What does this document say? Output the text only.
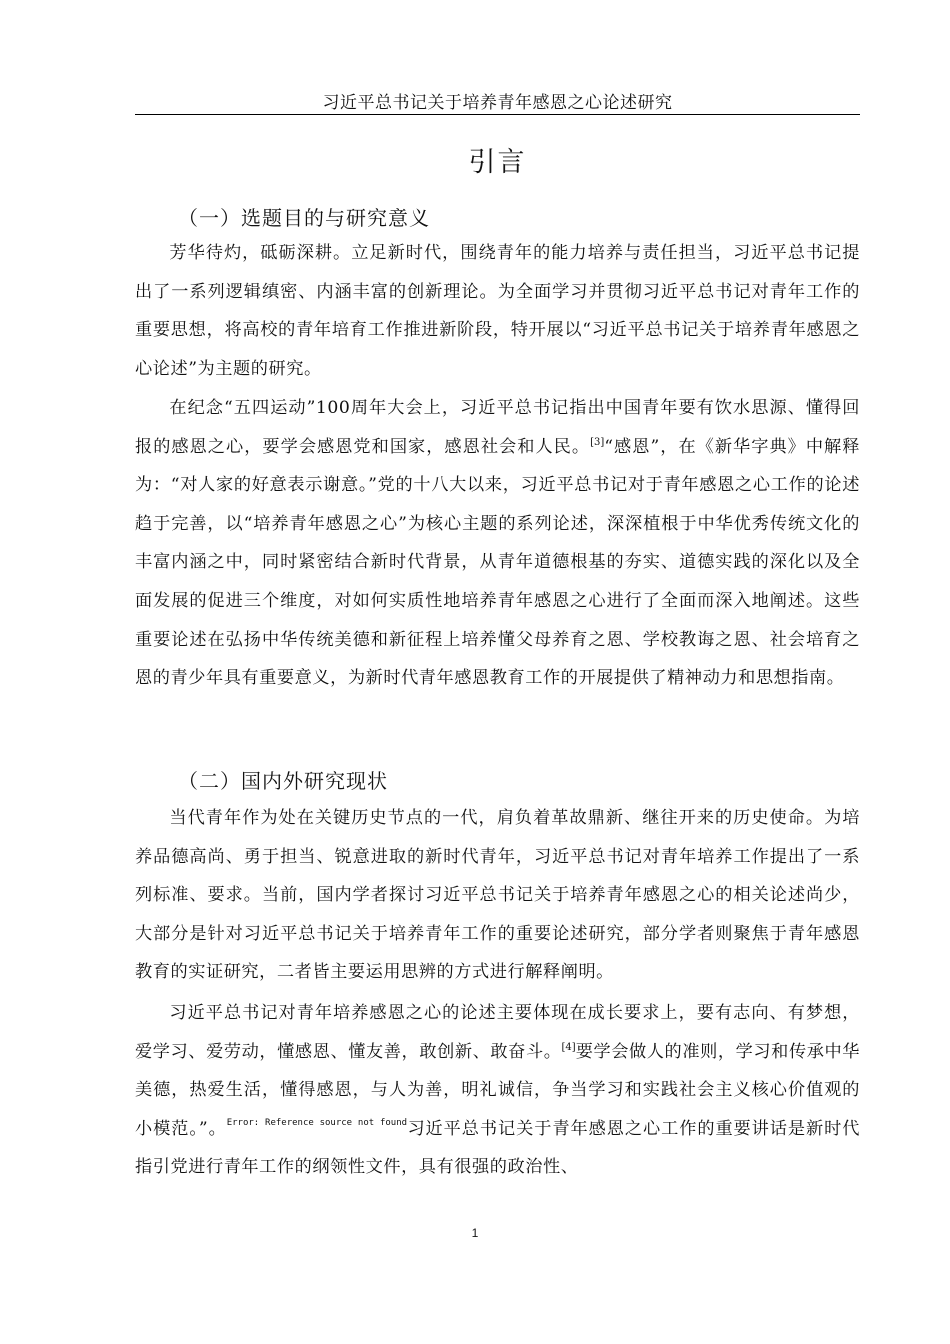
习近平总书记关于培养青年感恩之心论述研究
引言
（一）选题目的与研究意义

芳华待灼，砥砺深耕。立足新时代，围绕青年的能力培养与责任担当，习近平总书记提出了一系列逻辑缜密、内涵丰富的创新理论。为全面学习并贯彻习近平总书记对青年工作的重要思想，将高校的青年培育工作推进新阶段，特开展以“习近平总书记关于培养青年感恩之心论述”为主题的研究。

在纪念“五四运动”100周年大会上，习近平总书记指出中国青年要有饮水思源、懂得回报的感恩之心，要学会感恩党和国家，感恩社会和人民。[3]“感恩”，在《新华字典》中解释为：“对人家的好意表示谢意。”党的十八大以来，习近平总书记对于青年感恩之心工作的论述趋于完善，以“培养青年感恩之心”为核心主题的系列论述，深深植根于中华优秀传统文化的丰富内涵之中，同时紧密结合新时代背景，从青年道德根基的夯实、道德实践的深化以及全面发展的促进三个维度，对如何实质性地培养青年感恩之心进行了全面而深入地阐述。这些重要论述在弘扬中华传统美德和新征程上培养懂父母养育之恩、学校教诲之恩、社会培育之恩的青少年具有重要意义，为新时代青年感恩教育工作的开展提供了精神动力和思想指南。

（二）国内外研究现状

当代青年作为处在关键历史节点的一代，肩负着革故鼎新、继往开来的历史使命。为培养品德高尚、勇于担当、锐意进取的新时代青年，习近平总书记对青年培养工作提出了一系列标准、要求。当前，国内学者探讨习近平总书记关于培养青年感恩之心的相关论述尚少，大部分是针对习近平总书记关于培养青年工作的重要论述研究，部分学者则聚焦于青年感恩教育的实证研究，二者皆主要运用思辨的方式进行解释阐明。

习近平总书记对青年培养感恩之心的论述主要体现在成长要求上，要有志向、有梦想，爱学习、爱劳动，懂感恩、懂友善，敢创新、敢奋斗。[4]要学会做人的准则，学习和传承中华美德，热爱生活，懂得感恩，与人为善，明礼诚信，争当学习和实践社会主义核心价值观的小模范。”。$^{Error: Reference source not found}$习近平总书记关于青年感恩之心工作的重要讲话是新时代指引党进行青年工作的纲领性文件，具有很强的政治性、

1
